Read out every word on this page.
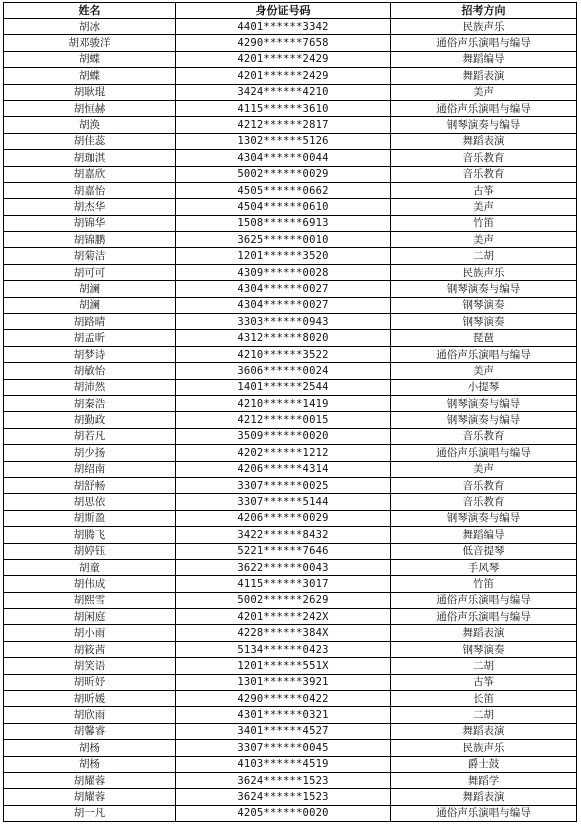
姓名	身份证号码	招考方向
胡冰	4401******3342	民族声乐
胡邓骏洋	4290******7658	通俗声乐演唱与编导
胡蝶	4201******2429	舞蹈编导
胡蝶	4201******2429	舞蹈表演
胡耿琨	3424******4210	美声
胡恒赫	4115******3610	通俗声乐演唱与编导
胡涣	4212******2817	钢琴演奏与编导
胡佳蕊	1302******5126	舞蹈表演
胡珈淇	4304******0044	音乐教育
胡嘉欣	5002******0029	音乐教育
胡嘉怡	4505******0662	古筝
胡杰华	4504******0610	美声
胡锦华	1508******6913	竹笛
胡锦鹏	3625******0010	美声
胡菊洁	1201******3520	二胡
胡可可	4309******0028	民族声乐
胡澜	4304******0027	钢琴演奏与编导
胡澜	4304******0027	钢琴演奏
胡路晴	3303******0943	钢琴演奏
胡孟昕	4312******8020	琵琶
胡梦诗	4210******3522	通俗声乐演唱与编导
胡敏怡	3606******0024	美声
胡沛然	1401******2544	小提琴
胡秦浩	4210******1419	钢琴演奏与编导
胡勤政	4212******0015	钢琴演奏与编导
胡若凡	3509******0020	音乐教育
胡少扬	4202******1212	通俗声乐演唱与编导
胡绍南	4206******4314	美声
胡舒畅	3307******0025	音乐教育
胡思依	3307******5144	音乐教育
胡斯盈	4206******0029	钢琴演奏与编导
胡腾飞	3422******8432	舞蹈编导
胡婷钰	5221******7646	低音提琴
胡童	3622******0043	手风琴
胡伟成	4115******3017	竹笛
胡熙雪	5002******2629	通俗声乐演唱与编导
胡闲庭	4201******242X	通俗声乐演唱与编导
胡小雨	4228******384X	舞蹈表演
胡筱茜	5134******0423	钢琴演奏
胡笑语	1201******551X	二胡
胡昕妤	1301******3921	古筝
胡昕媛	4290******0422	长笛
胡欣雨	4301******0321	二胡
胡馨睿	3401******4527	舞蹈表演
胡杨	3307******0045	民族声乐
胡杨	4103******4519	爵士鼓
胡耀蓉	3624******1523	舞蹈学
胡耀蓉	3624******1523	舞蹈表演
胡一凡	4205******0020	通俗声乐演唱与编导
